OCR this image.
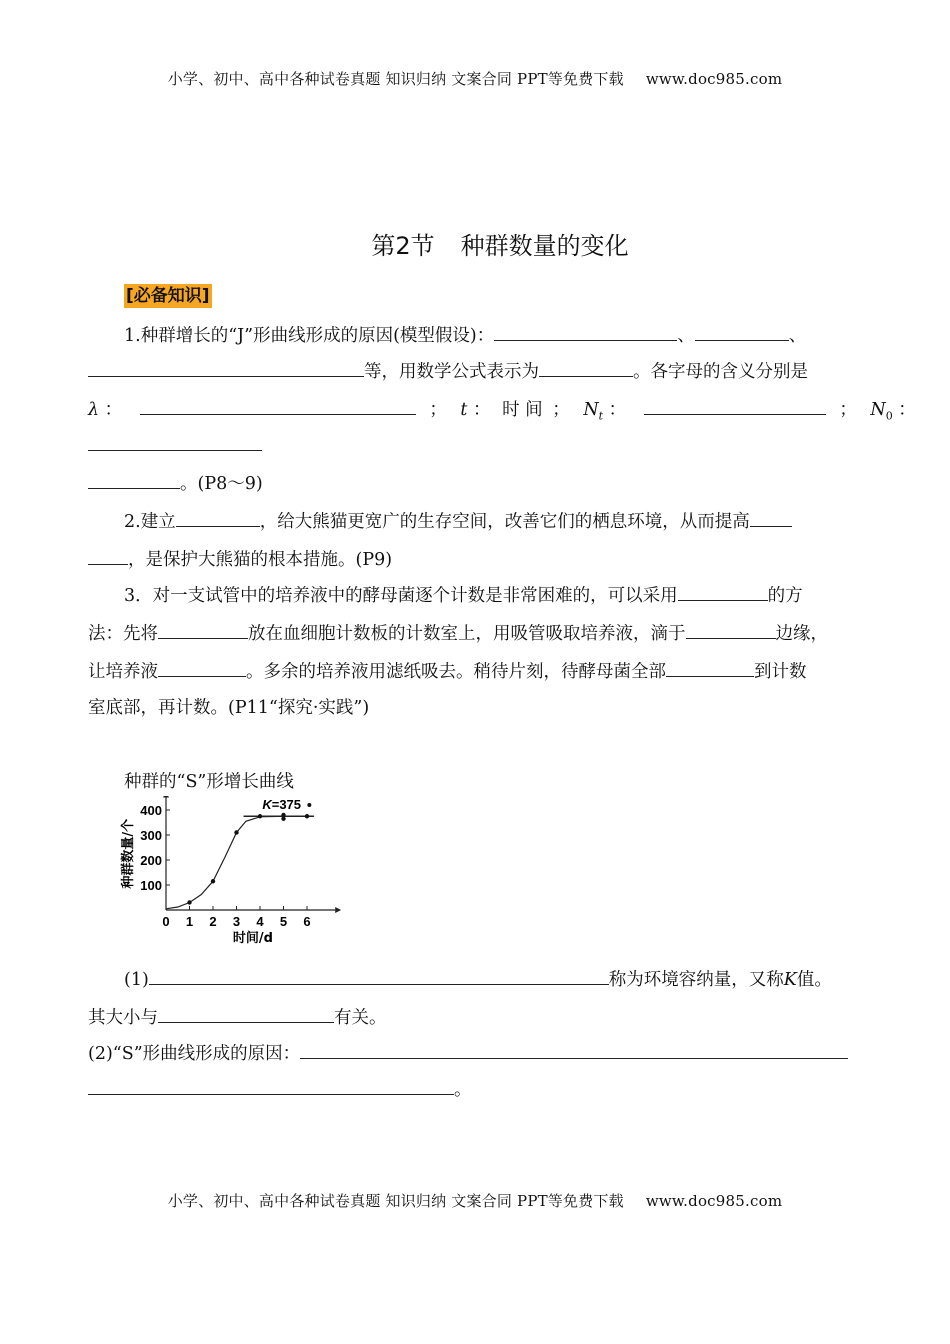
小学、初中、高中各种试卷真题 知识归纳 文案合同 PPT等免费下载 www.doc985.com
第2节 种群数量的变化
[必备知识]
1.种群增长的“J”形曲线形成的原因(模型假设)：	、	、
等，用数学公式表示为	。各字母的含义分别是
λ ：	； t ： 时 间 ； $N_t$ ：	； $N_0$ ：
。(P8～9)
2.建立	，给大熊猫更宽广的生存空间，改善它们的栖息环境，从而提高
，是保护大熊猫的根本措施。(P9)
3．对一支试管中的培养液中的酵母菌逐个计数是非常困难的，可以采用	的方
法：先将	放在血细胞计数板的计数室上，用吸管吸取培养液，滴于	边缘，
让培养液	。多余的培养液用滤纸吸去。稍待片刻，待酵母菌全部	到计数
室底部，再计数。(P11“探究·实践”)
种群的“S”形增长曲线
0 1 2 3 4 5 6
100
200
300
400
时间/d
种群数量/个
K=375
(1)	称为环境容纳量，又称K值。
其大小与	有关。
(2)“S”形曲线形成的原因：
。
小学、初中、高中各种试卷真题 知识归纳 文案合同 PPT等免费下载 www.doc985.com
